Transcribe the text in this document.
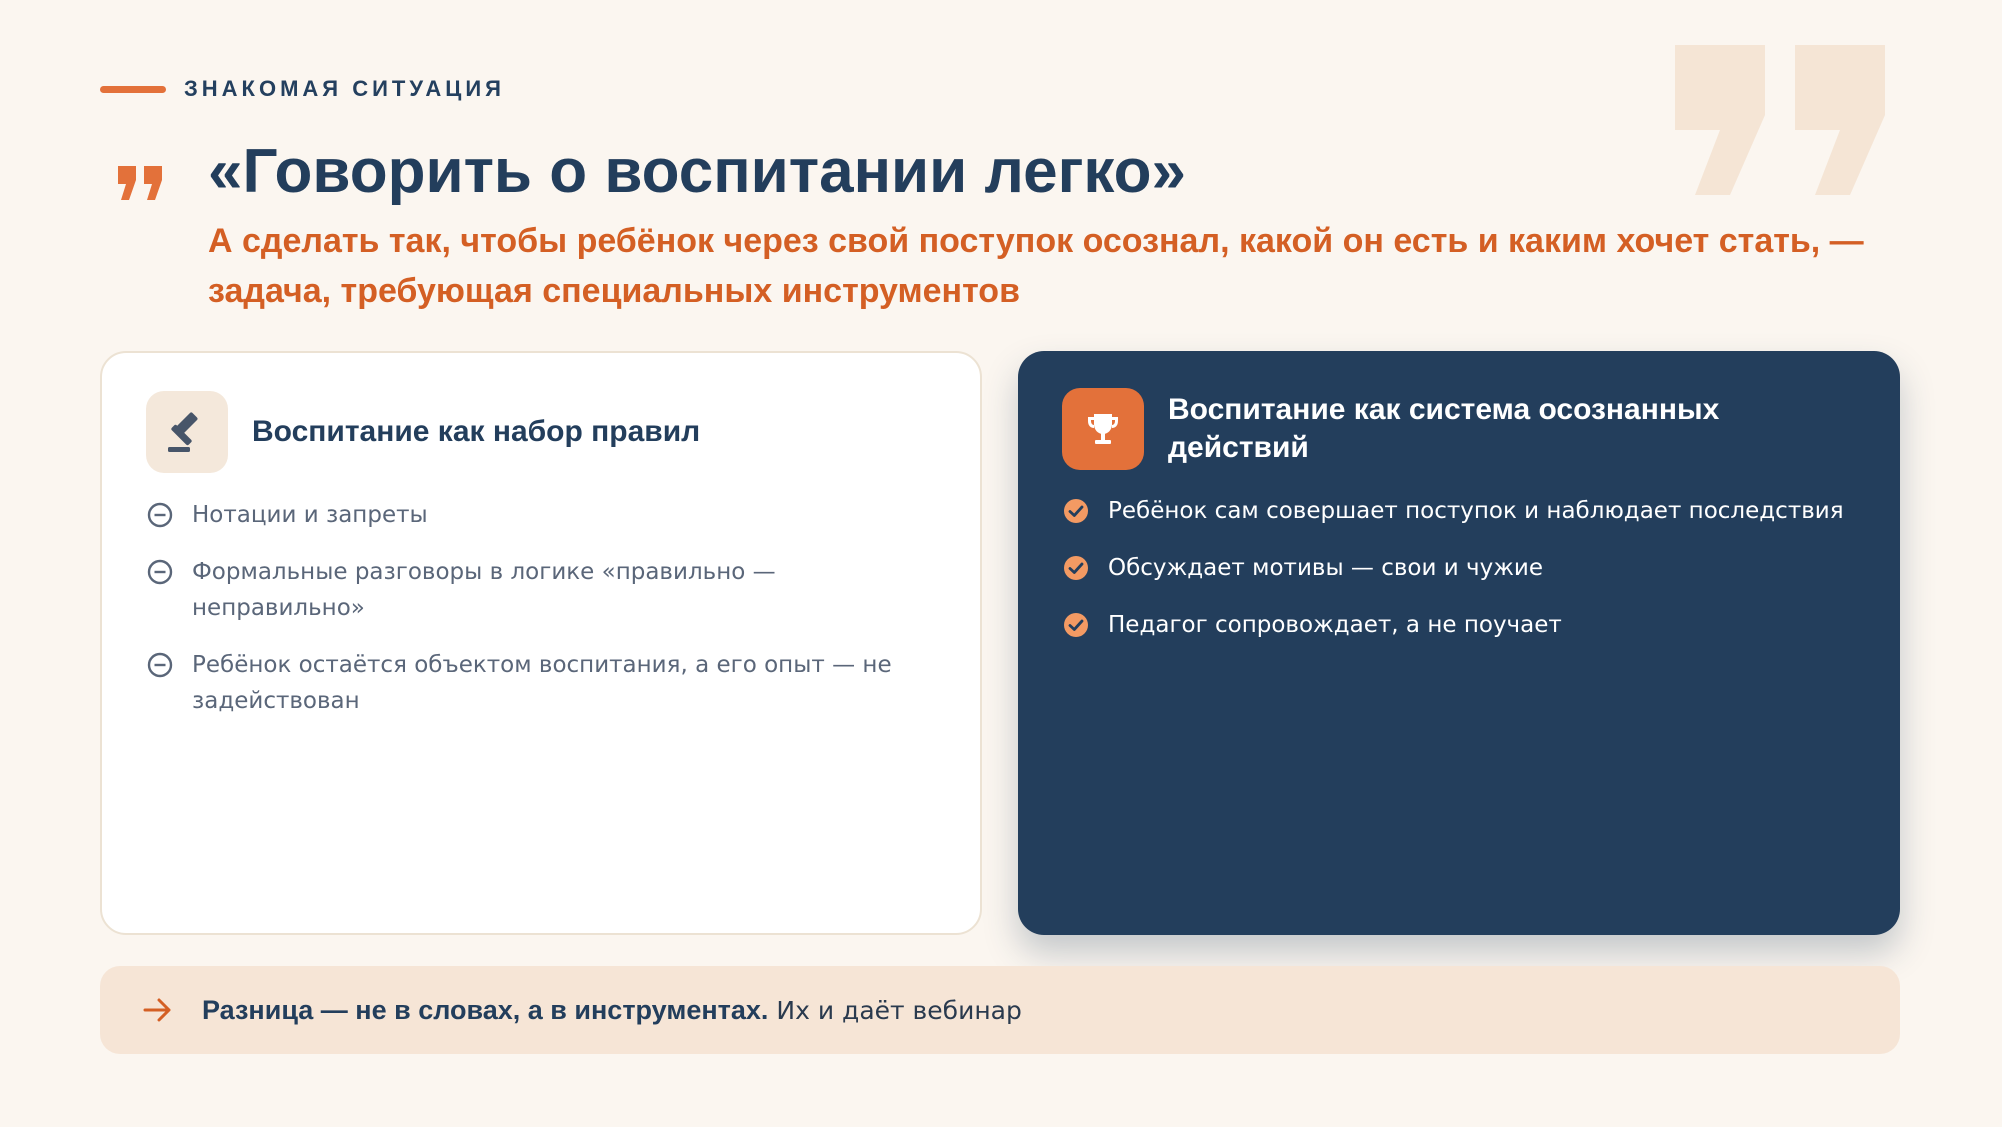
ЗНАКОМАЯ СИТУАЦИЯ
«Говорить о воспитании легко»

А сделать так, чтобы ребёнок через свой поступок осознал, какой он есть и каким хочет стать, — задача, требующая специальных инструментов

Воспитание как набор правил
Нотации и запреты
Формальные разговоры в логике «правильно — неправильно»
Ребёнок остаётся объектом воспитания, а его опыт — не задействован
Воспитание как система осознанных действий
Ребёнок сам совершает поступок и наблюдает последствия
Обсуждает мотивы — свои и чужие
Педагог сопровождает, а не поучает
Разница — не в словах, а в инструментах. Их и даёт вебинар
